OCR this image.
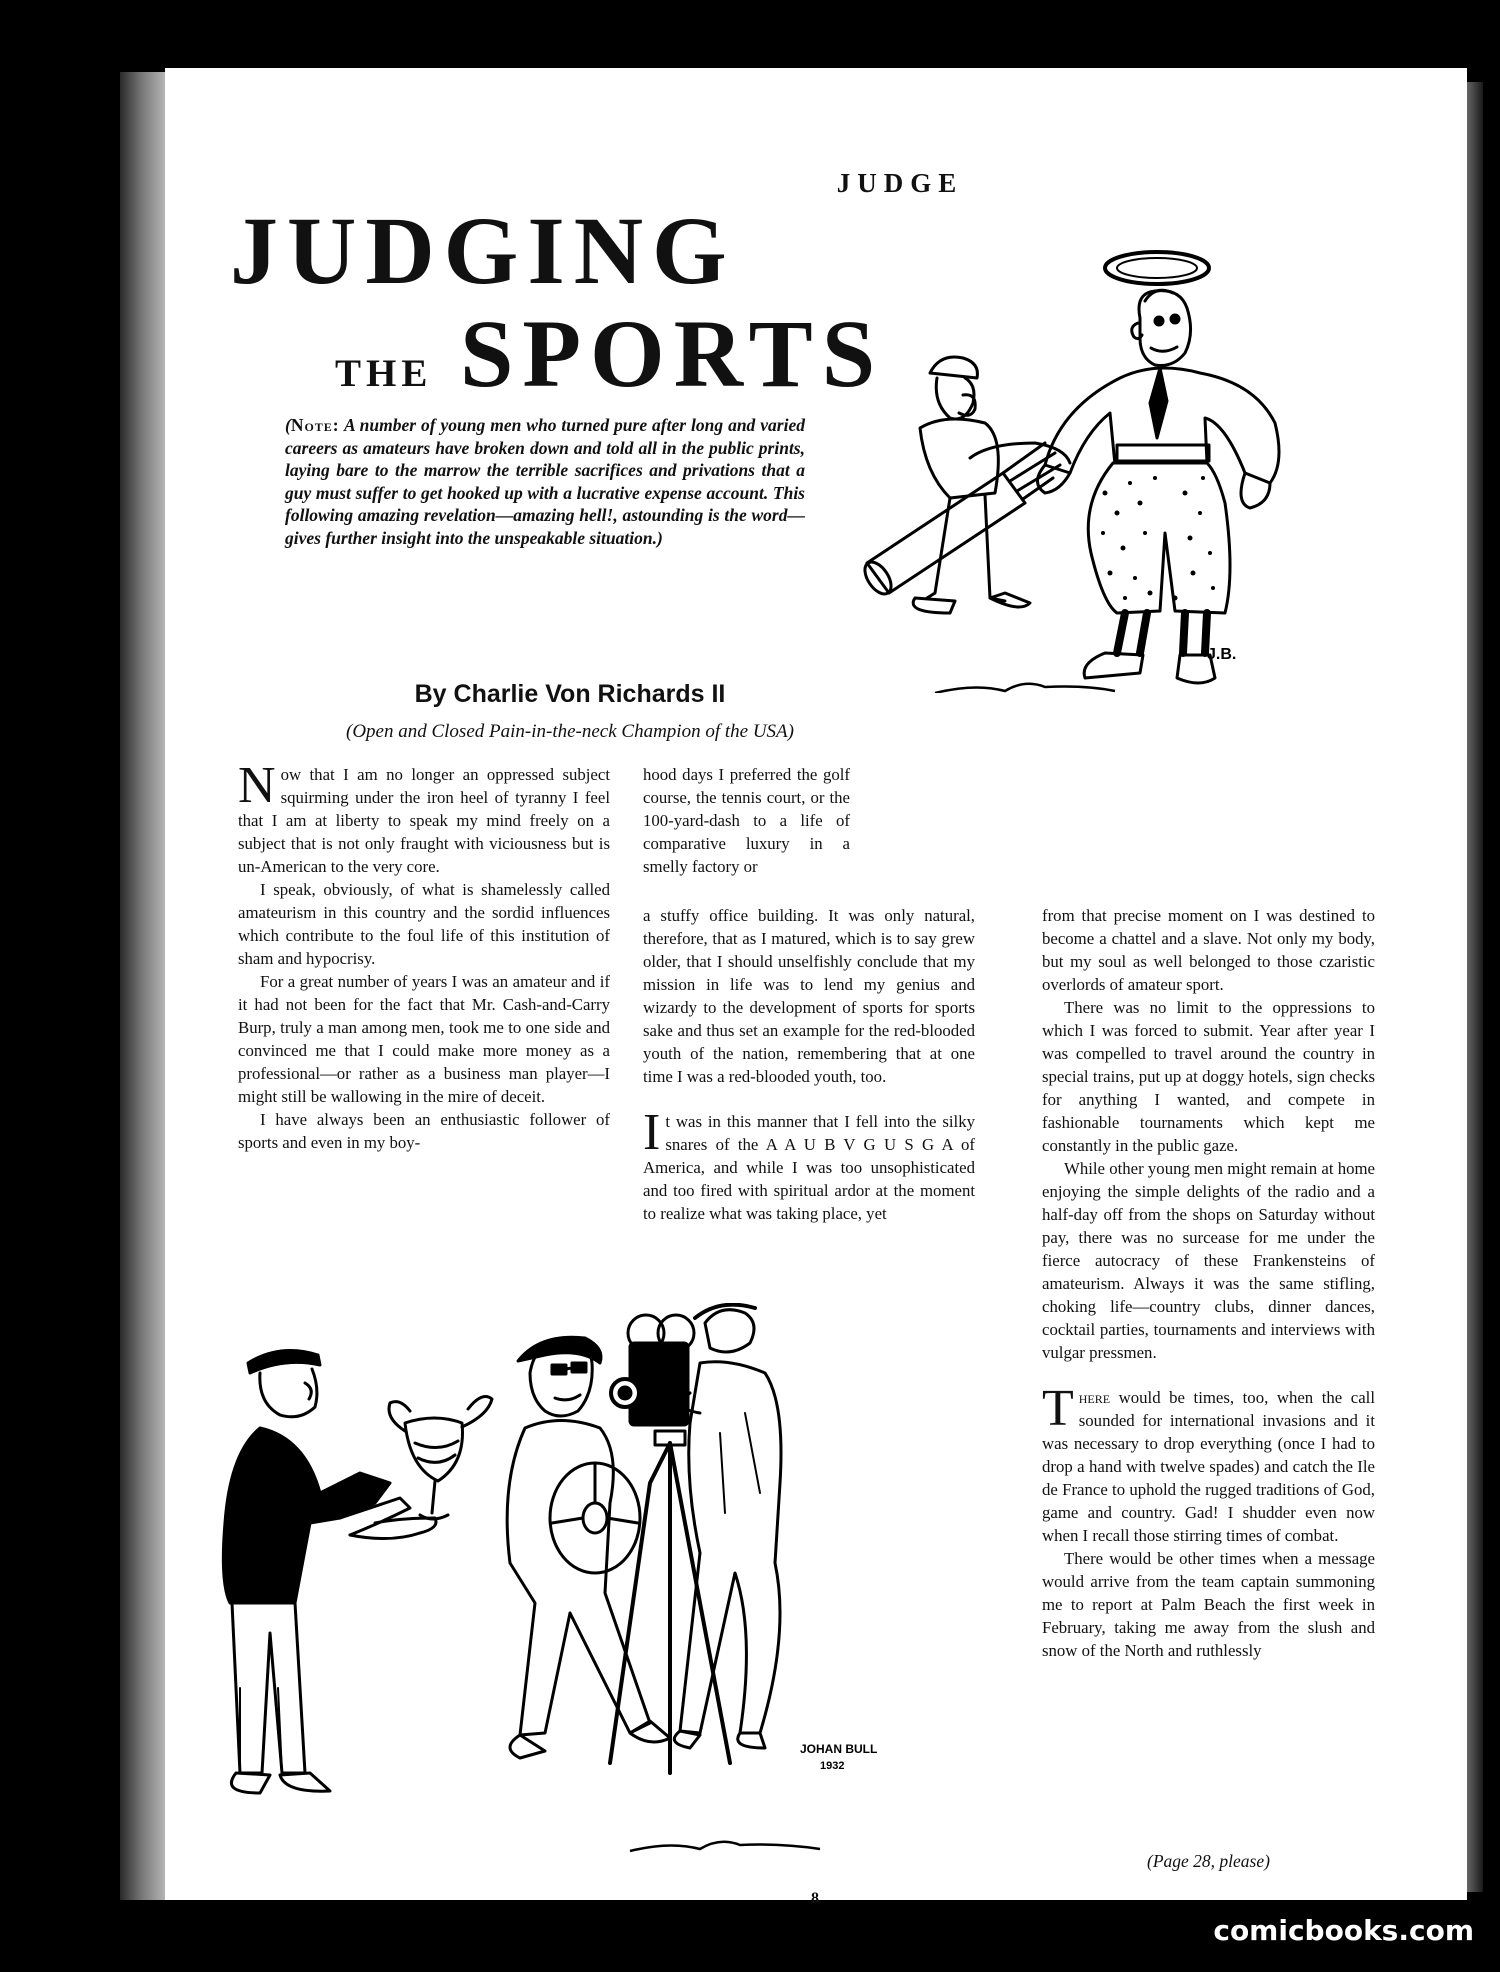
JUDGE
JUDGING
THE SPORTS
(Note: A number of young men who turned pure after long and varied careers as amateurs have broken down and told all in the public prints, laying bare to the marrow the terrible sacrifices and privations that a guy must suffer to get hooked up with a lucrative expense account. This following amazing revelation—amazing hell!, astounding is the word—gives further insight into the unspeakable situation.)
By Charlie Von Richards II
(Open and Closed Pain-in-the-neck Champion of the USA)
J.B.

Now that I am no longer an oppressed subject squirming under the iron heel of tyranny I feel that I am at liberty to speak my mind freely on a subject that is not only fraught with viciousness but is un-American to the very core.

I speak, obviously, of what is shamelessly called amateurism in this country and the sordid influences which contribute to the foul life of this institution of sham and hypocrisy.

For a great number of years I was an amateur and if it had not been for the fact that Mr. Cash-and-Carry Burp, truly a man among men, took me to one side and convinced me that I could make more money as a professional—or rather as a business man player—I might still be wallowing in the mire of deceit.

I have always been an enthusiastic follower of sports and even in my boy-

hood days I preferred the golf course, the tennis court, or the 100-yard-dash to a life of comparative luxury in a smelly factory or

a stuffy office building. It was only natural, therefore, that as I matured, which is to say grew older, that I should unselfishly conclude that my mission in life was to lend my genius and wizardy to the development of sports for sports sake and thus set an example for the red-blooded youth of the nation, remembering that at one time I was a red-blooded youth, too.

It was in this manner that I fell into the silky snares of the A A U B V G U S G A of America, and while I was too unsophisticated and too fired with spiritual ardor at the moment to realize what was taking place, yet

from that precise moment on I was destined to become a chattel and a slave. Not only my body, but my soul as well belonged to those czaristic overlords of amateur sport.

There was no limit to the oppressions to which I was forced to submit. Year after year I was compelled to travel around the country in special trains, put up at doggy hotels, sign checks for anything I wanted, and compete in fashionable tournaments which kept me constantly in the public gaze.

While other young men might remain at home enjoying the simple delights of the radio and a half-day off from the shops on Saturday without pay, there was no surcease for me under the fierce autocracy of these Frankensteins of amateurism. Always it was the same stifling, choking life—country clubs, dinner dances, cocktail parties, tournaments and interviews with vulgar pressmen.

There would be times, too, when the call sounded for international invasions and it was necessary to drop everything (once I had to drop a hand with twelve spades) and catch the Ile de France to uphold the rugged traditions of God, game and country. Gad! I shudder even now when I recall those stirring times of combat.

There would be other times when a message would arrive from the team captain summoning me to report at Palm Beach the first week in February, taking me away from the slush and snow of the North and ruthlessly

(Page 28, please)
JOHAN BULL
1932
8
comicbooks.com
